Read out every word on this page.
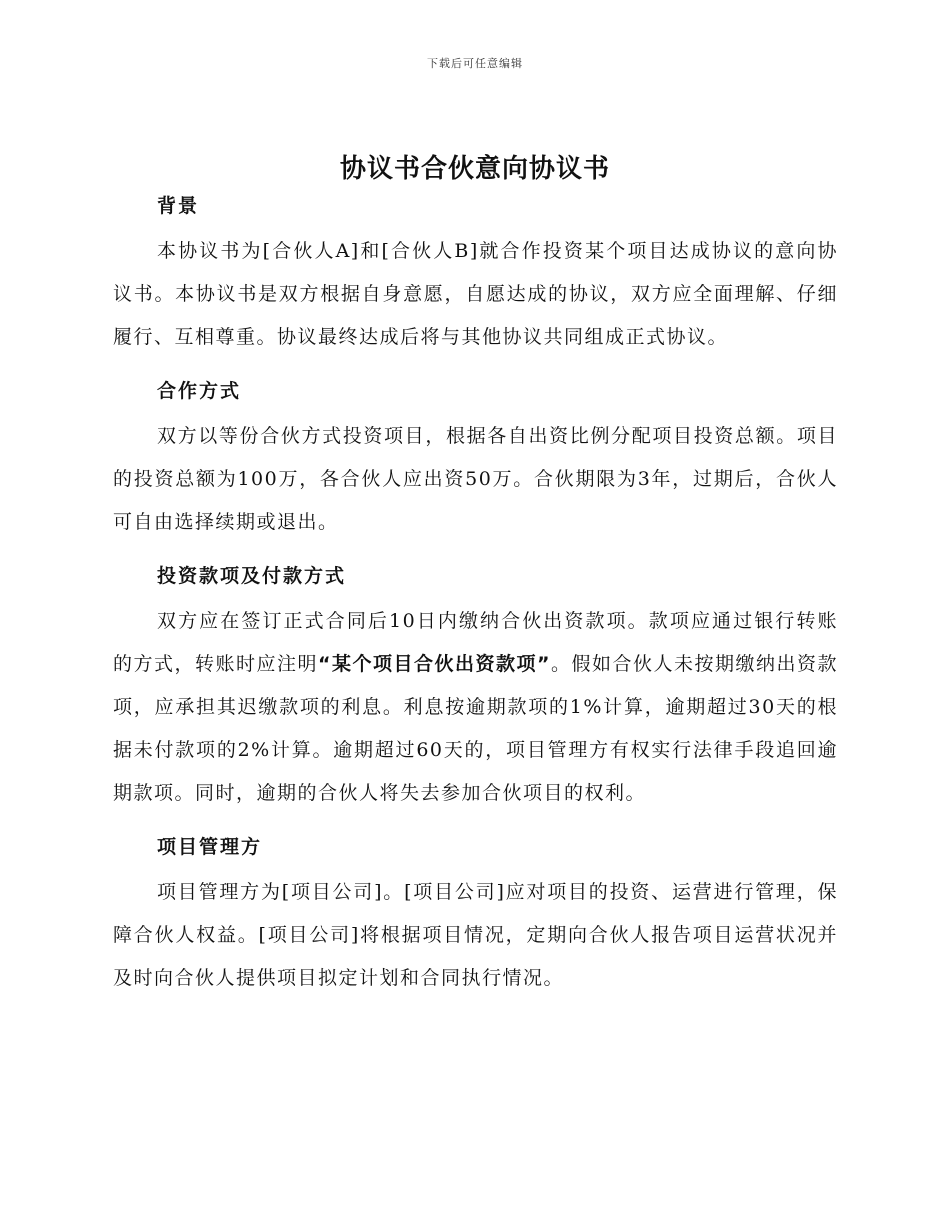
下载后可任意编辑
协议书合伙意向协议书
背景

本协议书为[合伙人A]和[合伙人B]就合作投资某个项目达成协议的意向协议书。本协议书是双方根据自身意愿，自愿达成的协议，双方应全面理解、仔细履行、互相尊重。协议最终达成后将与其他协议共同组成正式协议。

合作方式

双方以等份合伙方式投资项目，根据各自出资比例分配项目投资总额。项目的投资总额为100万，各合伙人应出资50万。合伙期限为3年，过期后，合伙人可自由选择续期或退出。

投资款项及付款方式

双方应在签订正式合同后10日内缴纳合伙出资款项。款项应通过银行转账的方式，转账时应注明“某个项目合伙出资款项”。假如合伙人未按期缴纳出资款项，应承担其迟缴款项的利息。利息按逾期款项的1%计算，逾期超过30天的根据未付款项的2%计算。逾期超过60天的，项目管理方有权实行法律手段追回逾期款项。同时，逾期的合伙人将失去参加合伙项目的权利。

项目管理方

项目管理方为[项目公司]。[项目公司]应对项目的投资、运营进行管理，保障合伙人权益。[项目公司]将根据项目情况，定期向合伙人报告项目运营状况并及时向合伙人提供项目拟定计划和合同执行情况。
